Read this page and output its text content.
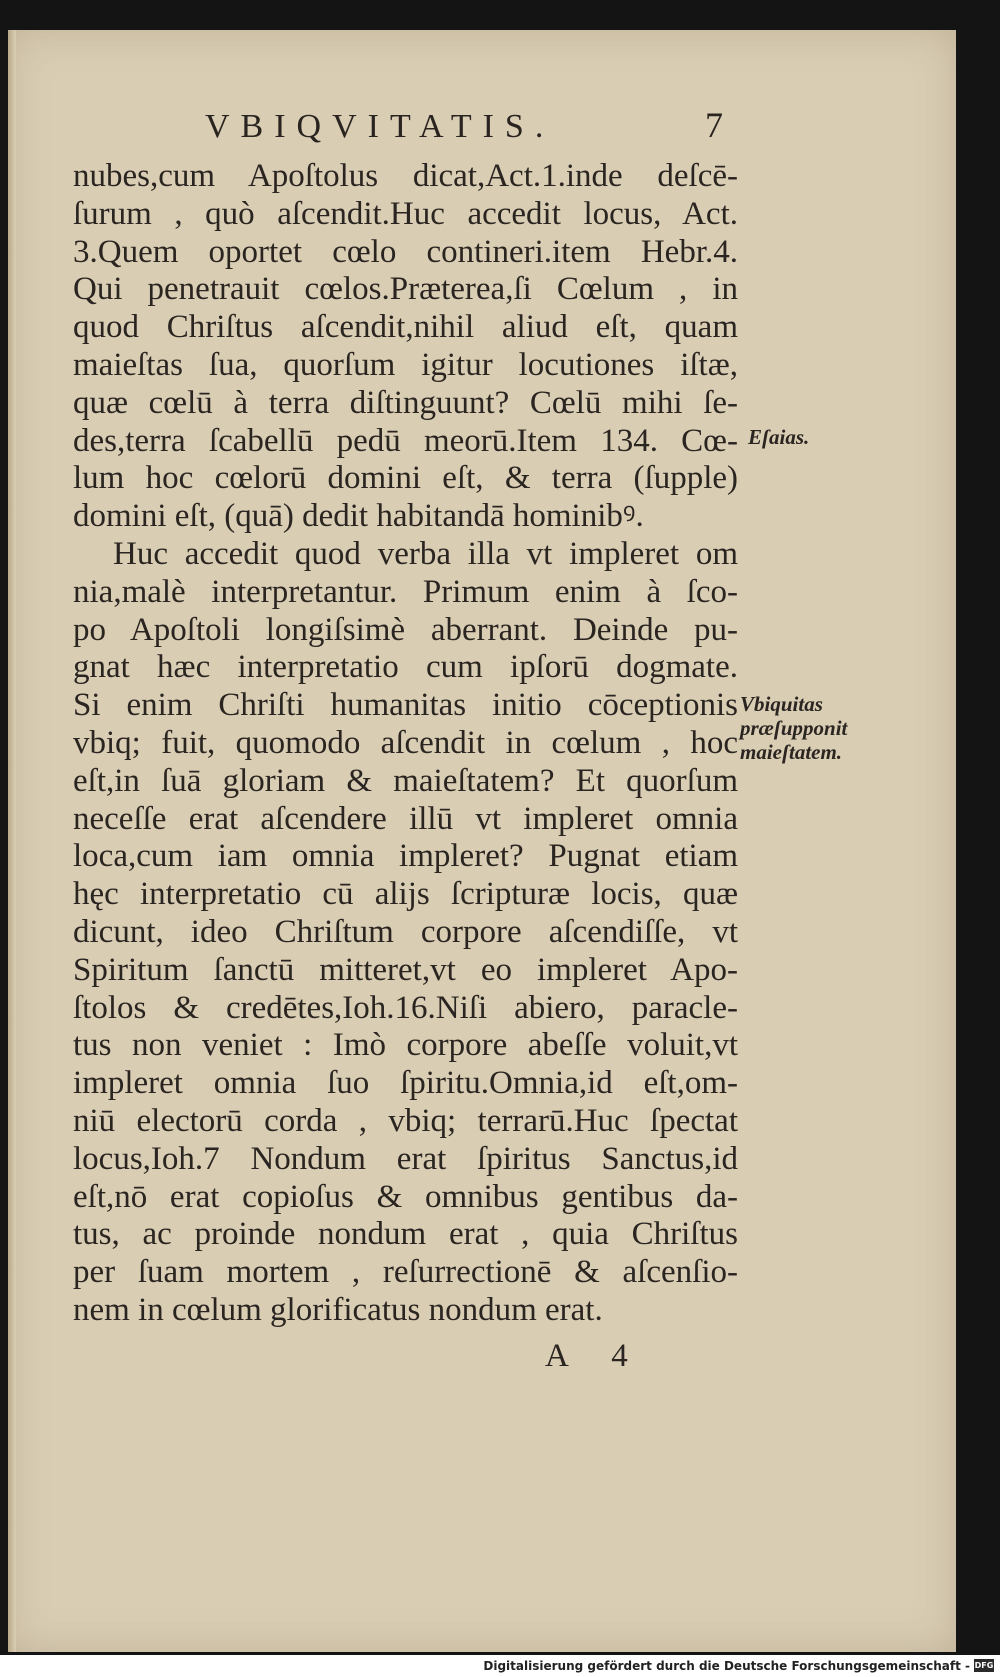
VBIQVITATIS.	7
nubes,cum Apoſtolus dicat,Act.1.inde deſcē-
ſurum , quò aſcendit.Huc accedit locus, Act.
3.Quem oportet cœlo contineri.item Hebr.4.
Qui penetrauit cœlos.Prӕterea,ſi Cœlum , in
quod Chriſtus aſcendit,nihil aliud eſt, quam
maieſtas ſua, quorſum igitur locutiones iſtӕ,
quӕ cœlū à terra diſtinguunt? Cœlū mihi ſe-
des,terra ſcabellū pedū meorū.Item 134. Cœ-
lum hoc cœlorū domini eſt, & terra (ſupple)
domini eſt, (quā) dedit habitandā hominibꝰ.
Huc accedit quod verba illa vt impleret om
nia,malè interpretantur. Primum enim à ſco-
po Apoſtoli longiſsimè aberrant. Deinde pu-
gnat hӕc interpretatio cum ipſorū dogmate.
Si enim Chriſti humanitas initio cōceptionis
vbiq; fuit, quomodo aſcendit in cœlum , hoc
eſt,in ſuā gloriam & maieſtatem? Et quorſum
neceſſe erat aſcendere illū vt impleret omnia
loca,cum iam omnia impleret? Pugnat etiam
hęc interpretatio cū alijs ſcripturӕ locis, quӕ
dicunt, ideo Chriſtum corpore aſcendiſſe, vt
Spiritum ſanctū mitteret,vt eo impleret Apo-
ſtolos & credētes,Ioh.16.Niſi abiero, paracle-
tus non veniet : Imò corpore abeſſe voluit,vt
impleret omnia ſuo ſpiritu.Omnia,id eſt,om-
niū electorū corda , vbiq; terrarū.Huc ſpectat
locus,Ioh.7 Nondum erat ſpiritus Sanctus,id
eſt,nō erat copioſus & omnibus gentibus da-
tus, ac proinde nondum erat , quia Chriſtus
per ſuam mortem , reſurrectionē & aſcenſio-
nem in cœlum glorificatus nondum erat.
Eſaias.
Vbiquitas
prӕſupponit
maieſtatem.
A 4
Digitalisierung gefördert durch die Deutsche Forschungsgemeinschaft - DFG
